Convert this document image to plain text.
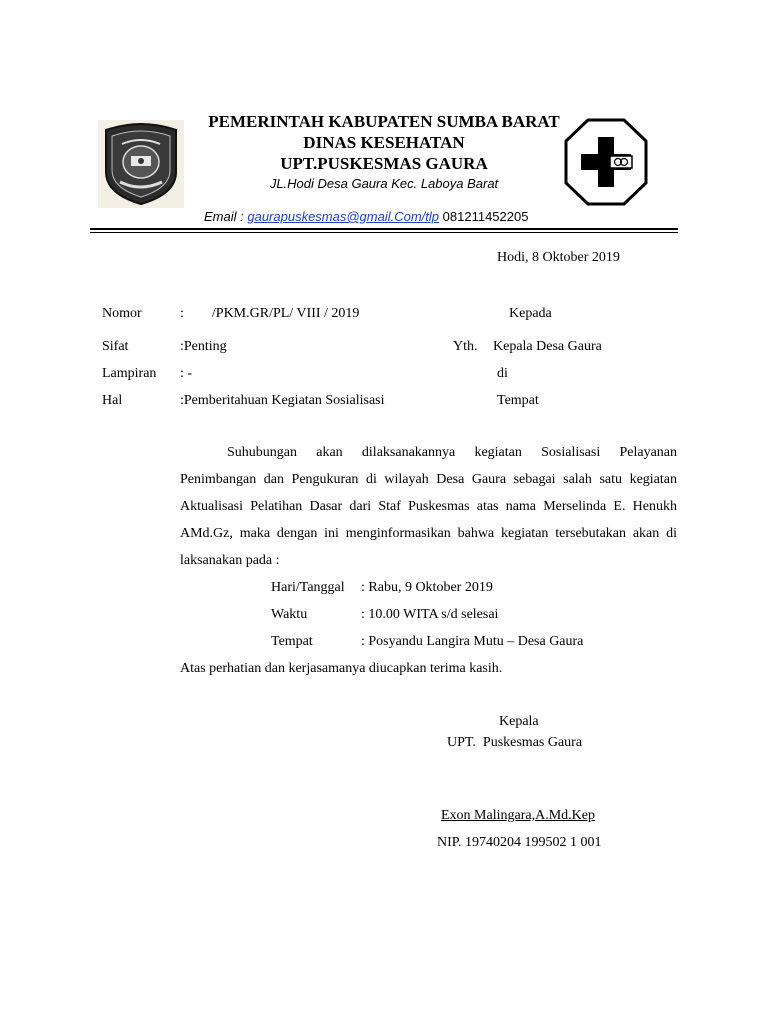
PEMERINTAH KABUPATEN SUMBA BARAT
DINAS KESEHATAN
UPT.PUSKESMAS GAURA
JL.Hodi Desa Gaura Kec. Laboya Barat
Email : gaurapuskesmas@gmail.Com/tlp 081211452205
Hodi, 8 Oktober 2019
Nomor	:        /PKM.GR/PL/ VIII / 2019
Sifat	:Penting
Lampiran : -
Hal	:Pemberitahuan Kegiatan Sosialisasi
Kepada
Yth. Kepala Desa Gaura
di
Tempat

Suhubungan akan dilaksanakannya kegiatan Sosialisasi Pelayanan Penimbangan dan Pengukuran di wilayah Desa Gaura sebagai salah satu kegiatan Aktualisasi Pelatihan Dasar dari Staf Puskesmas atas nama Merselinda E. Henukh AMd.Gz, maka dengan ini menginformasikan bahwa kegiatan tersebutakan akan di laksanakan pada :

Hari/Tanggal : Rabu, 9 Oktober 2019
Waktu	: 10.00 WITA s/d selesai
Tempat	: Posyandu Langira Mutu – Desa Gaura
Atas perhatian dan kerjasamanya diucapkan terima kasih.
Kepala
UPT.  Puskesmas Gaura
Exon Malingara,A.Md.Kep
NIP. 19740204 199502 1 001
